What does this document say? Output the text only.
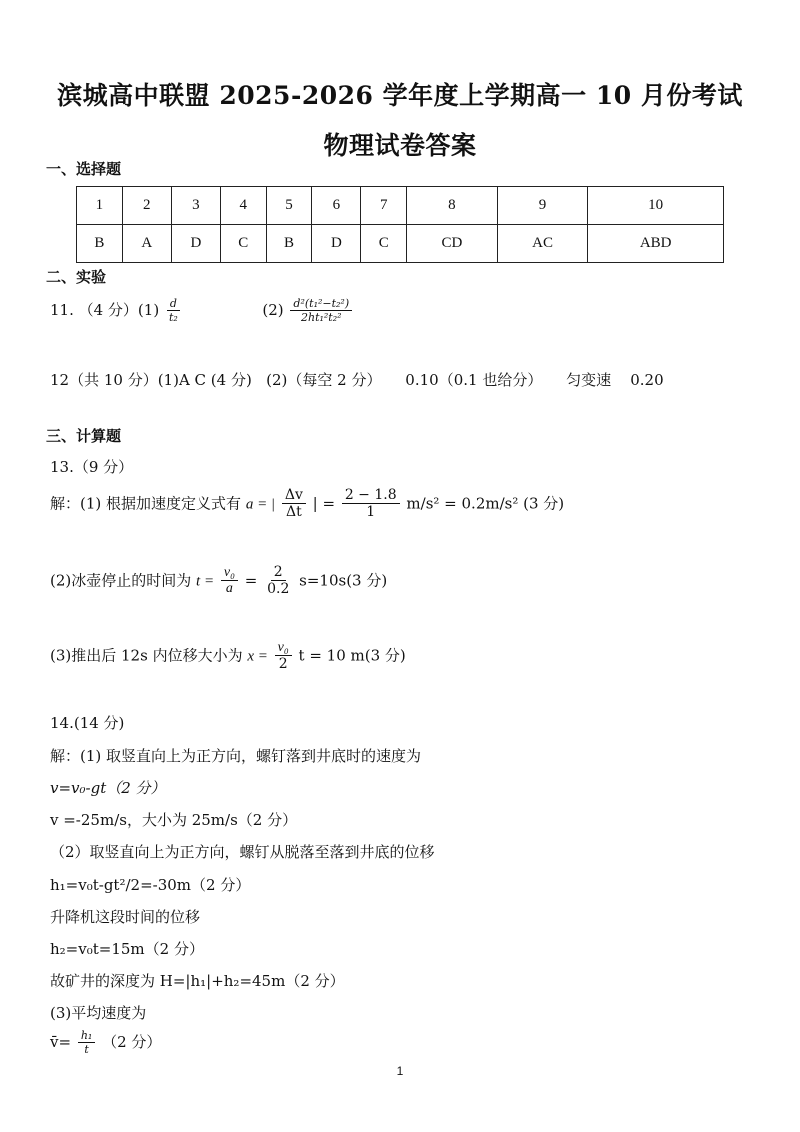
滨城高中联盟 2025-2026 学年度上学期高一 10 月份考试
物理试卷答案
一、选择题
1	2	3	4	5	6	7	8	9	10
B	A	D	C	B	D	C	CD	AC	ABD
二、实验
11. （4 分）$(1) \frac{d}{\text{t₂}}$	$(2) \frac{\text{d²(t₁²−t₂²)}}{\text{2ht₁²t₂²}}$
12（共 10 分）(1)A C (4 分)   (2)（每空 2 分）     0.10（0.1 也给分）     匀变速    0.20
三、计算题
13.（9 分）
解：(1) 根据加速度定义式有 a = | $\frac{\Delta v}{\Delta t}$ | = $\frac{2 - 1.8}{1} m/s^2 = 0.2m/s^2$ (3 分)
(2)冰壶停止的时间为 $t = \frac{\text{v₀}}{a} = \frac{2}{0.2} s=10s(3$ 分)
(3)推出后 12s 内位移大小为 $x = \frac{\text{v₀}}{2}$ t = 10 m(3 分)
14.(14 分)
解：(1) 取竖直向上为正方向，螺钉落到井底时的速度为
v=v₀-gt（2 分）
v =-25m/s，大小为 25m/s（2 分）
（2）取竖直向上为正方向，螺钉从脱落至落到井底的位移
h₁=v₀t-gt²/2=-30m（2 分）
升降机这段时间的位移
h₂=v₀t=15m（2 分）
故矿井的深度为 H=|h₁|+h₂=45m（2 分）
(3)平均速度为
v̄= $\frac{\text{h₁}}{t} (2$ 分）
1
